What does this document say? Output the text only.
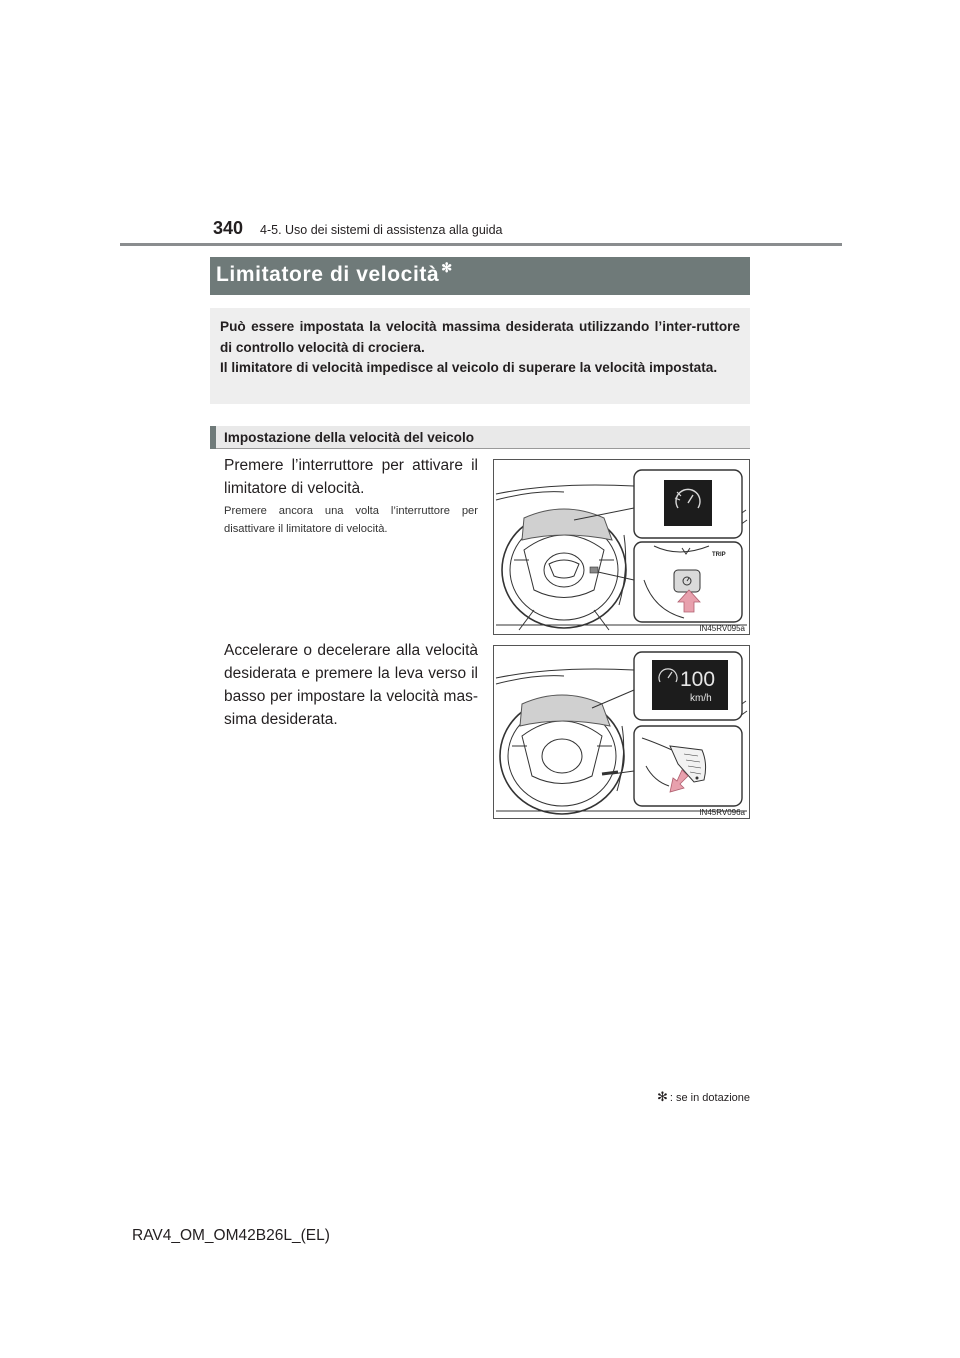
340 4-5. Uso dei sistemi di assistenza alla guida
Limitatore di velocità ✻
Può essere impostata la velocità massima desiderata utilizzando l’inter-ruttore di controllo velocità di crociera.
Il limitatore di velocità impedisce al veicolo di superare la velocità impostata.
Impostazione della velocità del veicolo
Premere l’interruttore per attivare il limitatore di velocità.
Premere ancora una volta l’interruttore per disattivare il limitatore di velocità.
TRIP
IN45RV095a
Accelerare o decelerare alla velocità desiderata e premere la leva verso il basso per impostare la velocità mas-sima desiderata.
100
km/h
IN45RV096a
✻ : se in dotazione
RAV4_OM_OM42B26L_(EL)
